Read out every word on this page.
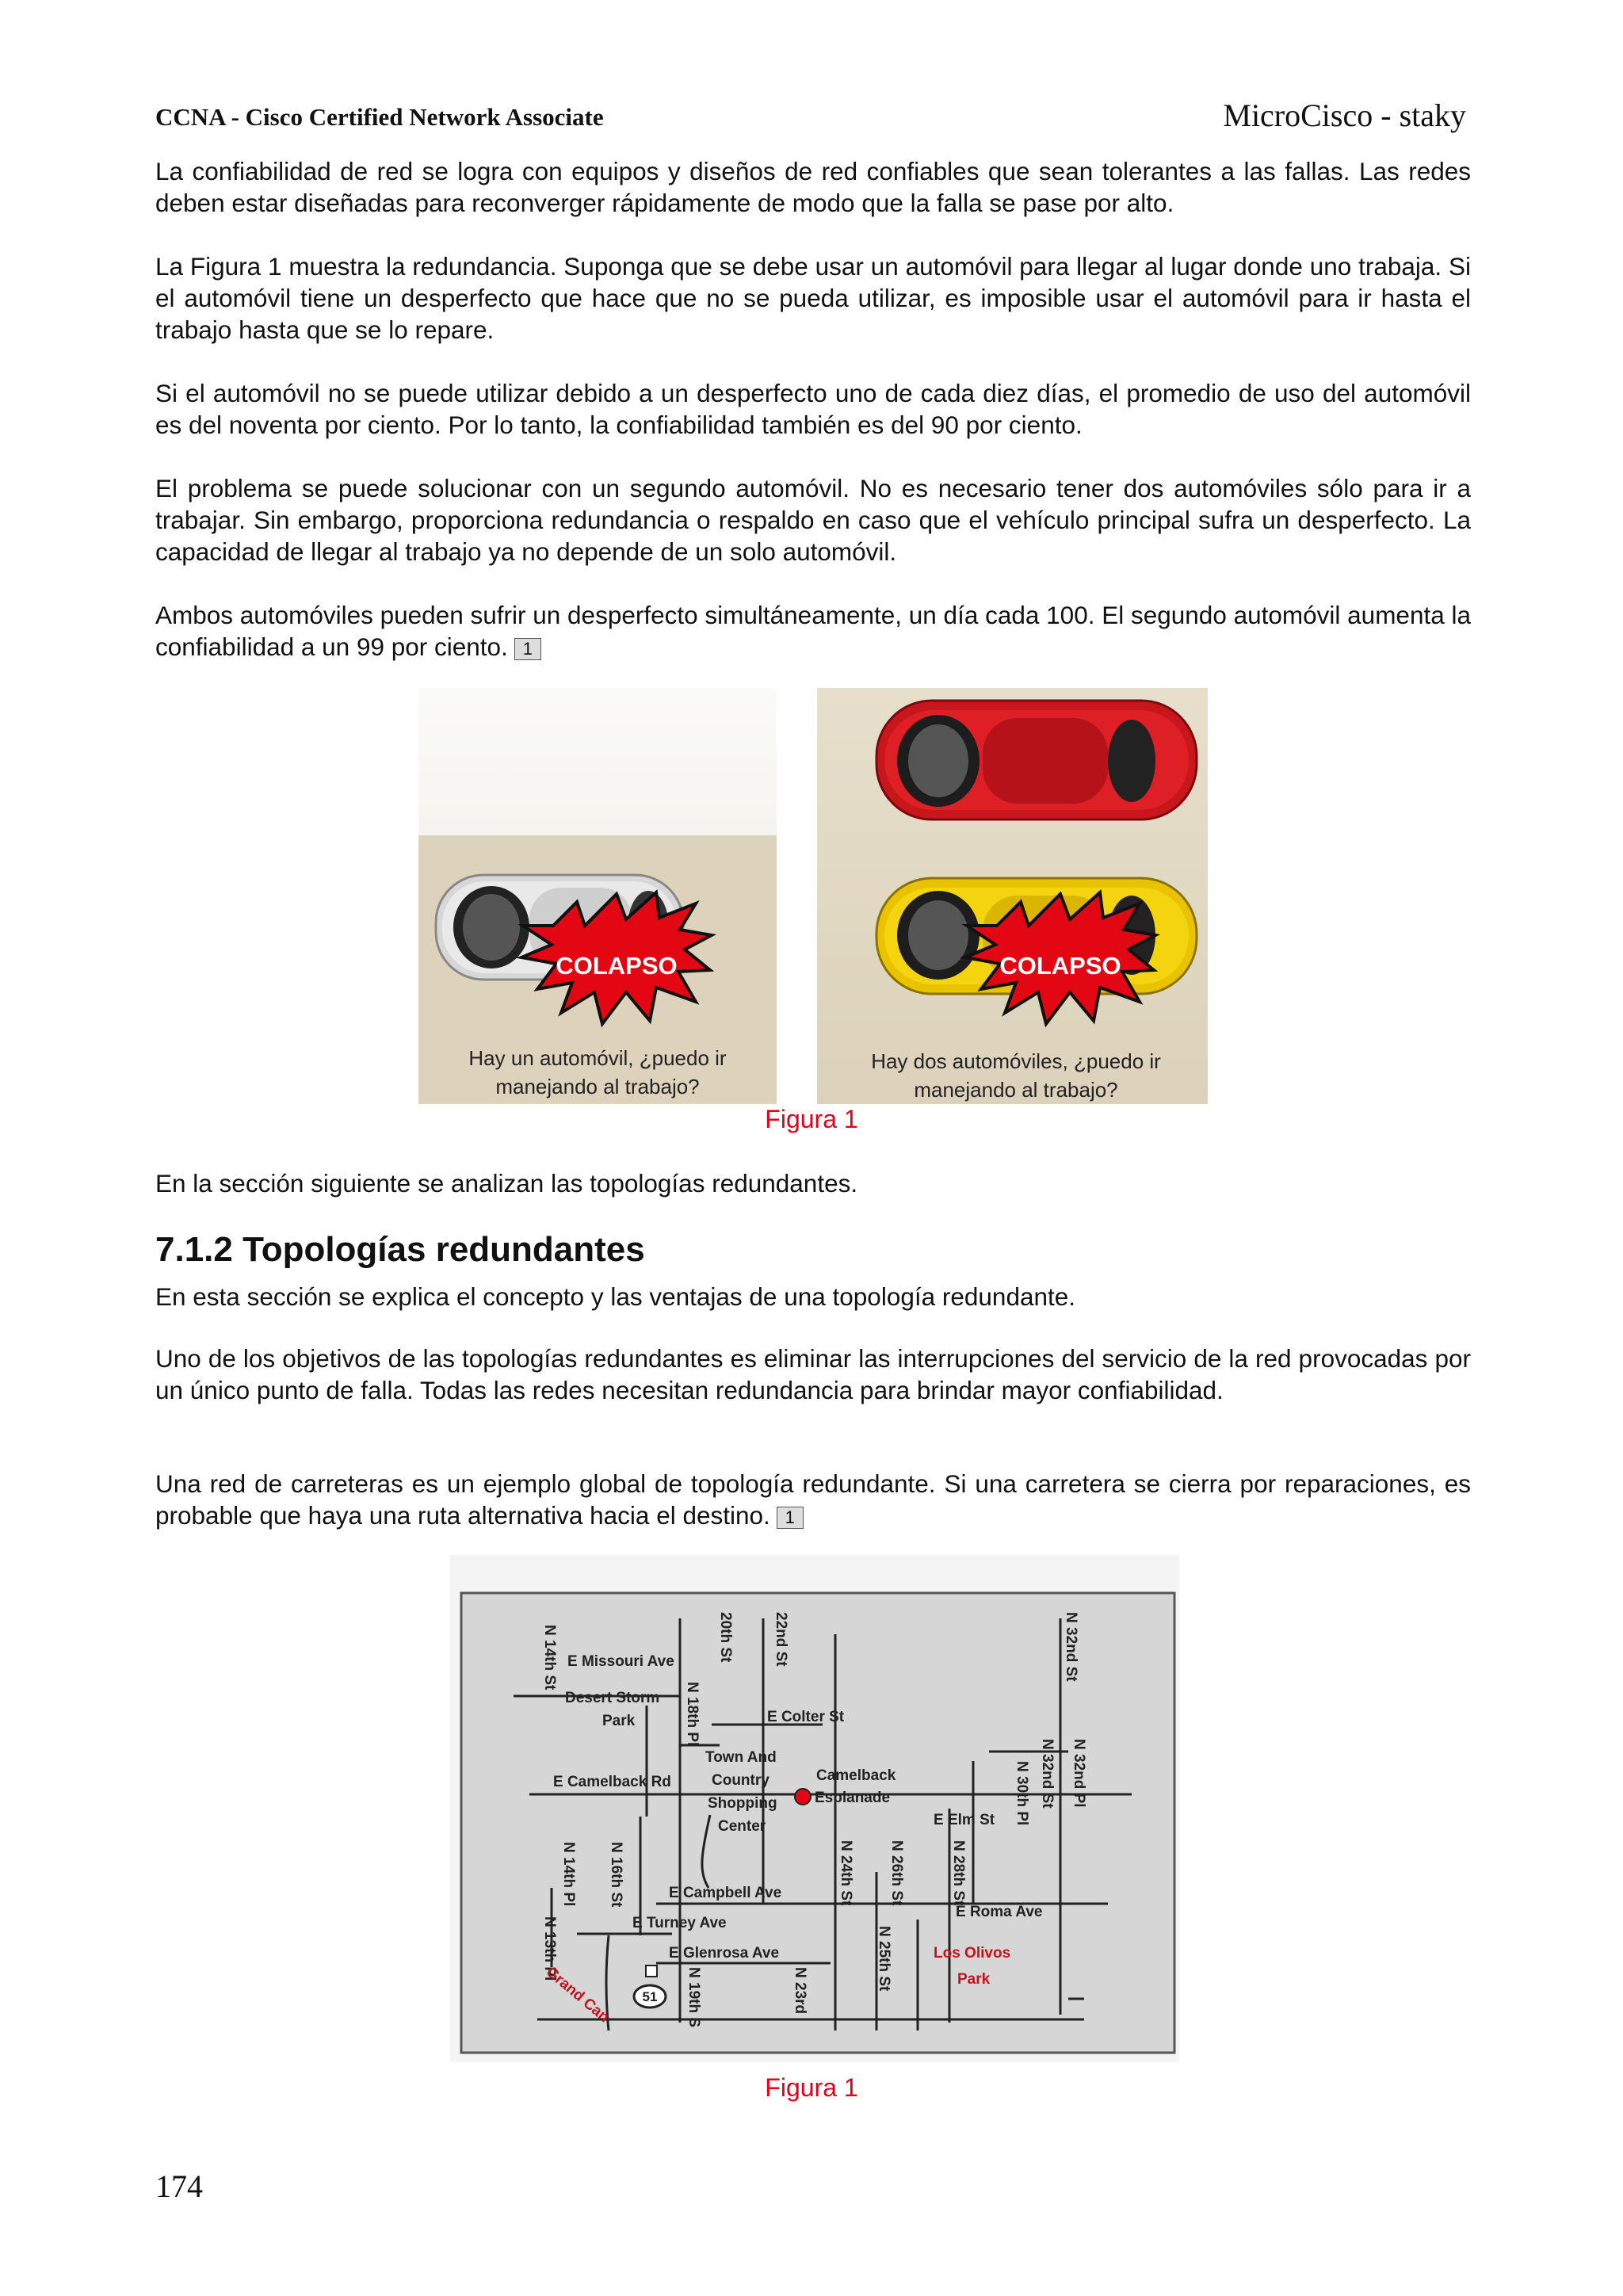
CCNA - Cisco Certified Network Associate	MicroCisco - staky

La confiabilidad de red se logra con equipos y diseños de red confiables que sean tolerantes a las fallas. Las redes deben estar diseñadas para reconverger rápidamente de modo que la falla se pase por alto.

La Figura 1 muestra la redundancia. Suponga que se debe usar un automóvil para llegar al lugar donde uno trabaja. Si el automóvil tiene un desperfecto que hace que no se pueda utilizar, es imposible usar el automóvil para ir hasta el trabajo hasta que se lo repare.

Si el automóvil no se puede utilizar debido a un desperfecto uno de cada diez días, el promedio de uso del automóvil es del noventa por ciento. Por lo tanto, la confiabilidad también es del 90 por ciento.

El problema se puede solucionar con un segundo automóvil. No es necesario tener dos automóviles sólo para ir a trabajar. Sin embargo, proporciona redundancia o respaldo en caso que el vehículo principal sufra un desperfecto. La capacidad de llegar al trabajo ya no depende de un solo automóvil.

Ambos automóviles pueden sufrir un desperfecto simultáneamente, un día cada 100. El segundo automóvil aumenta la confiabilidad a un 99 por ciento. 1

COLAPSO
Hay un automóvil, ¿puedo ir
manejando al trabajo?
COLAPSO
Hay dos automóviles, ¿puedo ir
manejando al trabajo?
Figura 1

En la sección siguiente se analizan las topologías redundantes.

7.1.2 Topologías redundantes

En esta sección se explica el concepto y las ventajas de una topología redundante.

Uno de los objetivos de las topologías redundantes es eliminar las interrupciones del servicio de la red provocadas por un único punto de falla. Todas las redes necesitan redundancia para brindar mayor confiabilidad.

Una red de carreteras es un ejemplo global de topología redundante. Si una carretera se cierra por reparaciones, es probable que haya una ruta alternativa hacia el destino. 1

51
E Missouri Ave
Desert Storm
Park	E Colter St
Town And
Country
Shopping
Center
Camelback
Esplanade
E Camelback Rd
E Elm St
E Campbell Ave
E Roma Ave
E Turney Ave
E Glenrosa Ave	Los Olivos
Park
N 14th St
N 18th Pl
20th St	22nd St	N 32nd St
N 32nd Pl
N 32nd St
N 30th Pl
N 14th Pl N 16th St	N 24th St N 26th St	N 28th St
N 13th Pl	N 25th St
N 19th S	N 23rd
Grand Can
Figura 1
174
